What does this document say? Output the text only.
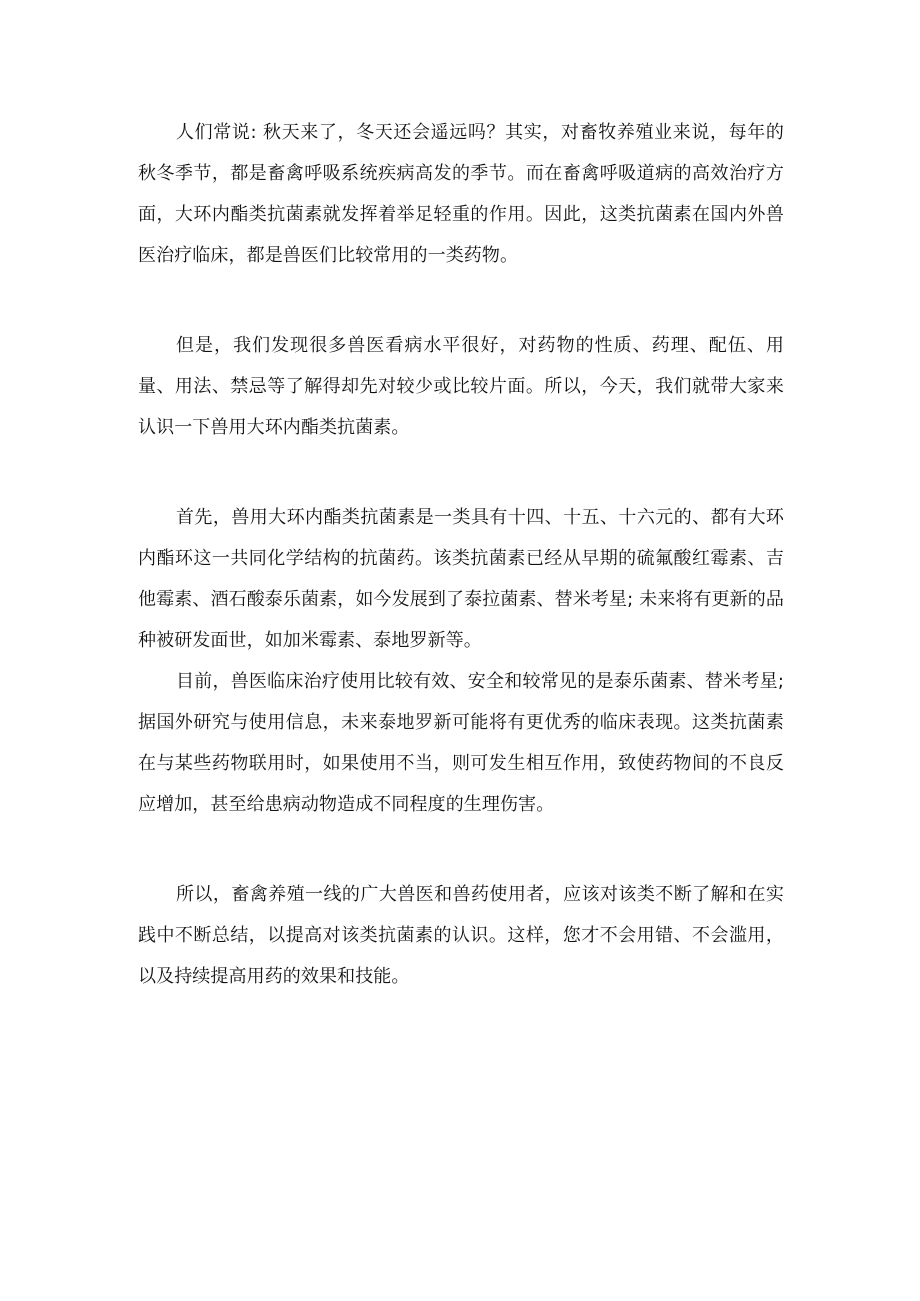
人们常说: 秋天来了，冬天还会遥远吗？其实，对畜牧养殖业来说，每年的秋冬季节，都是畜禽呼吸系统疾病高发的季节。而在畜禽呼吸道病的高效治疗方面，大环内酯类抗菌素就发挥着举足轻重的作用。因此，这类抗菌素在国内外兽医治疗临床，都是兽医们比较常用的一类药物。

但是，我们发现很多兽医看病水平很好，对药物的性质、药理、配伍、用量、用法、禁忌等了解得却先对较少或比较片面。所以，今天，我们就带大家来认识一下兽用大环内酯类抗菌素。

首先，兽用大环内酯类抗菌素是一类具有十四、十五、十六元的、都有大环内酯环这一共同化学结构的抗菌药。该类抗菌素已经从早期的硫氟酸红霉素、吉他霉素、酒石酸泰乐菌素，如今发展到了泰拉菌素、替米考星; 未来将有更新的品种被研发面世，如加米霉素、泰地罗新等。

目前，兽医临床治疗使用比较有效、安全和较常见的是泰乐菌素、替米考星; 据国外研究与使用信息，未来泰地罗新可能将有更优秀的临床表现。这类抗菌素在与某些药物联用时，如果使用不当，则可发生相互作用，致使药物间的不良反应增加，甚至给患病动物造成不同程度的生理伤害。

所以，畜禽养殖一线的广大兽医和兽药使用者，应该对该类不断了解和在实践中不断总结，以提高对该类抗菌素的认识。这样，您才不会用错、不会滥用，以及持续提高用药的效果和技能。
